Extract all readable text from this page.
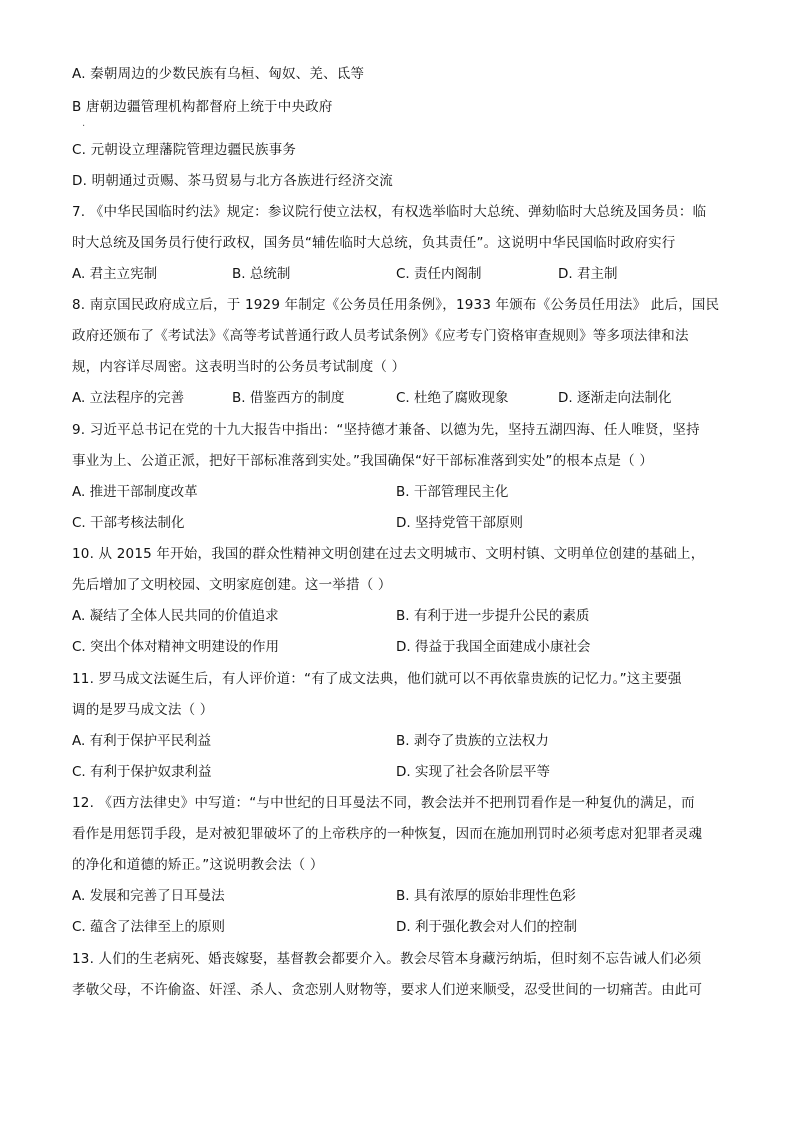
A. 秦朝周边的少数民族有乌桓、匈奴、羌、氐等
B 唐朝边疆管理机构都督府上统于中央政府
.
C. 元朝设立理藩院管理边疆民族事务
D. 明朝通过贡赐、茶马贸易与北方各族进行经济交流
7. 《中华民国临时约法》规定：参议院行使立法权，有权选举临时大总统、弹劾临时大总统及国务员：临
时大总统及国务员行使行政权，国务员“辅佐临时大总统，负其责任”。这说明中华民国临时政府实行
A. 君主立宪制	B. 总统制	C. 责任内阁制	D. 君主制
8. 南京国民政府成立后，于 1929 年制定《公务员任用条例》，1933 年颁布《公务员任用法》 此后，国民
政府还颁布了《考试法》《高等考试普通行政人员考试条例》《应考专门资格审查规则》等多项法律和法
规，内容详尽周密。这表明当时的公务员考试制度（ ）
A. 立法程序的完善	B. 借鉴西方的制度	C. 杜绝了腐败现象	D. 逐渐走向法制化
9. 习近平总书记在党的十九大报告中指出：“坚持德才兼备、以德为先，坚持五湖四海、任人唯贤，坚持
事业为上、公道正派，把好干部标准落到实处。”我国确保“好干部标准落到实处”的根本点是（ ）
A. 推进干部制度改革	B. 干部管理民主化
C. 干部考核法制化	D. 坚持党管干部原则
10. 从 2015 年开始，我国的群众性精神文明创建在过去文明城市、文明村镇、文明单位创建的基础上，
先后增加了文明校园、文明家庭创建。这一举措（ ）
A. 凝结了全体人民共同的价值追求	B. 有利于进一步提升公民的素质
C. 突出个体对精神文明建设的作用	D. 得益于我国全面建成小康社会
11. 罗马成文法诞生后，有人评价道：“有了成文法典，他们就可以不再依靠贵族的记忆力。”这主要强
调的是罗马成文法（ ）
A. 有利于保护平民利益	B. 剥夺了贵族的立法权力
C. 有利于保护奴隶利益	D. 实现了社会各阶层平等
12. 《西方法律史》中写道：“与中世纪的日耳曼法不同，教会法并不把刑罚看作是一种复仇的满足，而
看作是用惩罚手段，是对被犯罪破坏了的上帝秩序的一种恢复，因而在施加刑罚时必须考虑对犯罪者灵魂
的净化和道德的矫正。”这说明教会法（ ）
A. 发展和完善了日耳曼法	B. 具有浓厚的原始非理性色彩
C. 蕴含了法律至上的原则	D. 利于强化教会对人们的控制
13. 人们的生老病死、婚丧嫁娶，基督教会都要介入。教会尽管本身藏污纳垢，但时刻不忘告诫人们必须
孝敬父母，不许偷盗、奸淫、杀人、贪恋别人财物等，要求人们逆来顺受，忍受世间的一切痛苦。由此可
